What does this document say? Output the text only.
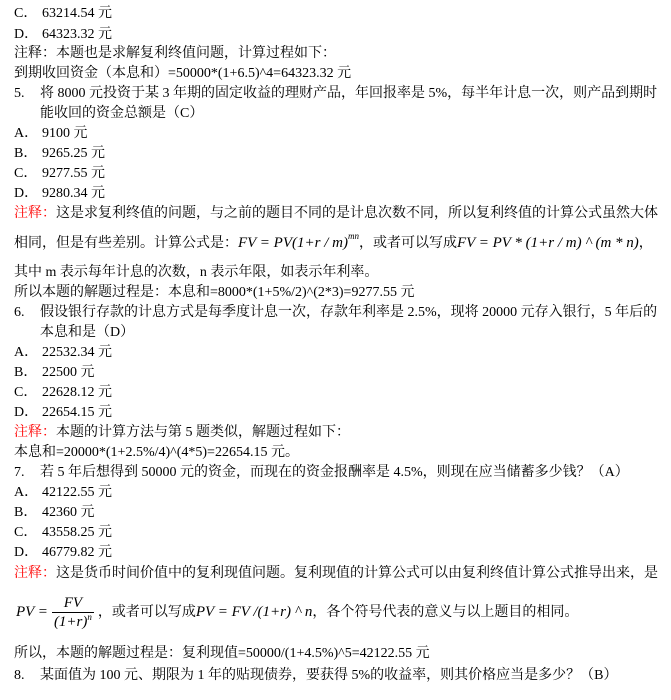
C． 63214.54 元
D． 64323.32 元
注释：本题也是求解复利终值问题，计算过程如下：
到期收回资金（本息和）=50000*(1+6.5)^4=64323.32 元
5. 将 8000 元投资于某 3 年期的固定收益的理财产品，年回报率是 5%，每半年计息一次，则产品到期时
能收回的资金总额是（C）
A． 9100 元
B． 9265.25 元
C． 9277.55 元
D． 9280.34 元
注释：这是求复利终值的问题，与之前的题目不同的是计息次数不同，所以复利终值的计算公式虽然大体
相同，但是有些差别。计算公式是：FV = $PV(1+r / m)^{mn}$，或者可以写成FV = PV * (1+r / m) ^ (m * n)，
其中 m 表示每年计息的次数，n 表示年限，如表示年利率。
所以本题的解题过程是：本息和=8000*(1+5%/2)^(2*3)=9277.55 元
6. 假设银行存款的计息方式是每季度计息一次，存款年利率是 2.5%，现将 20000 元存入银行，5 年后的
本息和是（D）
A． 22532.34 元
B． 22500 元
C． 22628.12 元
D． 22654.15 元
注释：本题的计算方法与第 5 题类似，解题过程如下：
本息和=20000*(1+2.5%/4)^(4*5)=22654.15 元。
7. 若 5 年后想得到 50000 元的资金，而现在的资金报酬率是 4.5%，则现在应当储蓄多少钱？（A）
A． 42122.55 元
B． 42360 元
C． 43558.25 元
D． 46779.82 元
注释：这是货币时间价值中的复利现值问题。复利现值的计算公式可以由复利终值计算公式推导出来，是
PV = $\frac{FV}{(1+r)^n}$ ，或者可以写成PV = FV /(1+r) ^ n，各个符号代表的意义与以上题目的相同。
所以，本题的解题过程是：复利现值=50000/(1+4.5%)^5=42122.55 元
8. 某面值为 100 元、期限为 1 年的贴现债券，要获得 5%的收益率，则其价格应当是多少？（B）
